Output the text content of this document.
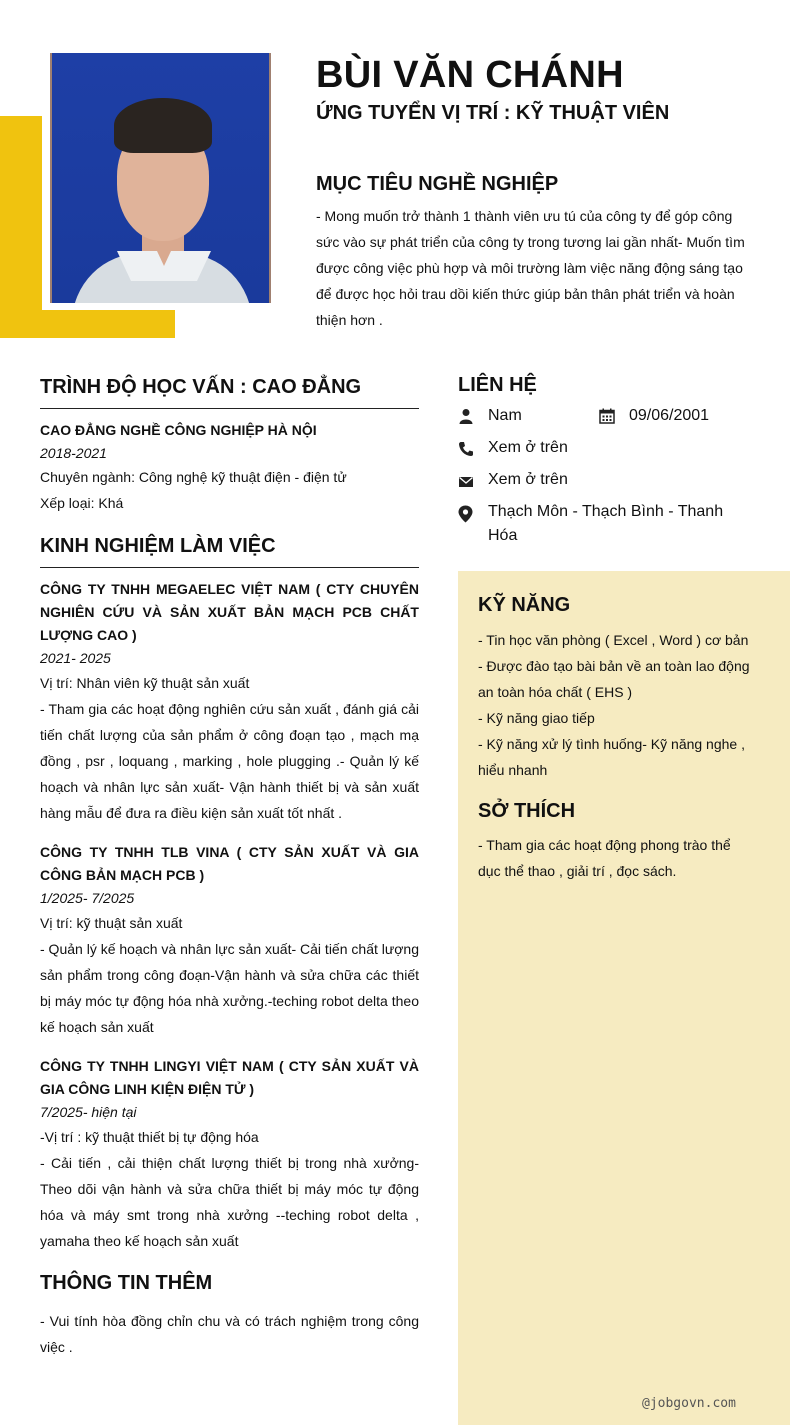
BÙI VĂN CHÁNH
ỨNG TUYỂN VỊ TRÍ : KỸ THUẬT VIÊN
MỤC TIÊU NGHỀ NGHIỆP
- Mong muốn trở thành 1 thành viên ưu tú của công ty để góp công sức vào sự phát triển của công ty trong tương lai gần nhất- Muốn tìm được công việc phù hợp và môi trường làm việc năng động sáng tạo để được học hỏi trau dồi kiến thức giúp bản thân phát triển và hoàn thiện hơn .
TRÌNH ĐỘ HỌC VẤN : CAO ĐẲNG
CAO ĐẲNG NGHỀ CÔNG NGHIỆP HÀ NỘI
2018-2021
Chuyên ngành: Công nghệ kỹ thuật điện - điện tử
Xếp loại: Khá
KINH NGHIỆM LÀM VIỆC
CÔNG TY TNHH MEGAELEC VIỆT NAM ( CTY CHUYÊN NGHIÊN CỨU VÀ SẢN XUẤT BẢN MẠCH PCB CHẤT LƯỢNG CAO )
2021- 2025
Vị trí: Nhân viên kỹ thuật sản xuất
- Tham gia các hoạt động nghiên cứu sản xuất , đánh giá cải tiến chất lượng của sản phẩm ở công đoạn tạo , mạch mạ đồng , psr , loquang , marking , hole plugging .- Quản lý kế hoạch và nhân lực sản xuất- Vận hành thiết bị và sản xuất hàng mẫu để đưa ra điều kiện sản xuất tốt nhất .
CÔNG TY TNHH TLB VINA ( CTY SẢN XUẤT VÀ GIA CÔNG BẢN MẠCH PCB )
1/2025- 7/2025
Vị trí: kỹ thuật sản xuất
- Quản lý kế hoạch và nhân lực sản xuất- Cải tiến chất lượng sản phẩm trong công đoạn-Vận hành và sửa chữa các thiết bị máy móc tự động hóa nhà xưởng.-teching robot delta theo kế hoạch sản xuất
CÔNG TY TNHH LINGYI VIỆT NAM ( CTY SẢN XUẤT VÀ GIA CÔNG LINH KIỆN ĐIỆN TỬ )
7/2025- hiện tại
-Vị trí : kỹ thuật thiết bị tự động hóa
- Cải tiến , cải thiện chất lượng thiết bị trong nhà xưởng- Theo dõi vận hành và sửa chữa thiết bị máy móc tự động hóa và máy smt trong nhà xưởng --teching robot delta , yamaha theo kế hoạch sản xuất
THÔNG TIN THÊM
- Vui tính hòa đồng chỉn chu và có trách nghiệm trong công việc .
LIÊN HỆ
Nam	09/06/2001
Xem ở trên
Xem ở trên
Thạch Môn - Thạch Bình - Thanh Hóa
KỸ NĂNG
- Tin học văn phòng ( Excel , Word ) cơ bản - Được đào tạo bài bản về an toàn lao động an toàn hóa chất ( EHS )
- Kỹ năng giao tiếp
- Kỹ năng xử lý tình huống- Kỹ năng nghe , hiểu nhanh
SỞ THÍCH
- Tham gia các hoạt động phong trào thể dục thể thao , giải trí , đọc sách.
@jobgovn.com
